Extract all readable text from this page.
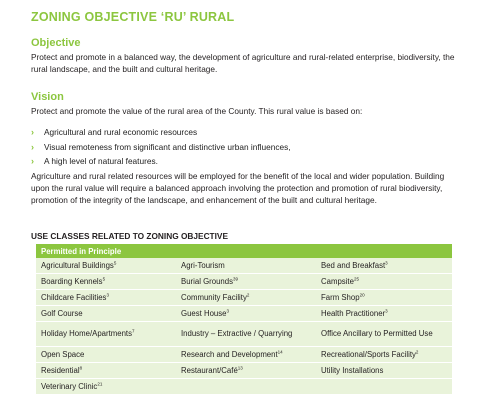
ZONING OBJECTIVE ‘RU’ RURAL
Objective
Protect and promote in a balanced way, the development of agriculture and rural-related enterprise, biodiversity, the rural landscape, and the built and cultural heritage.
Vision
Protect and promote the value of the rural area of the County. This rural value is based on:
› Agricultural and rural economic resources
› Visual remoteness from significant and distinctive urban influences,
› A high level of natural features.
Agriculture and rural related resources will be employed for the benefit of the local and wider population. Building upon the rural value will require a balanced approach involving the protection and promotion of rural biodiversity, promotion of the integrity of the landscape, and enhancement of the built and cultural heritage.
USE CLASSES RELATED TO ZONING OBJECTIVE
Permitted in Principle		
Agricultural Buildings$^5$	Agri-Tourism	Bed and Breakfast$^3$
Boarding Kennels$^5$	Burial Grounds$^{39}$	Campsite$^{25}$
Childcare Facilities$^3$	Community Facility$^2$	Farm Shop$^{20}$
Golf Course	Guest House$^3$	Health Practitioner$^3$
Holiday Home/Apartments$^7$	Industry – Extractive / Quarrying	Office Ancillary to Permitted Use
Open Space	Research and Development$^{14}$	Recreational/Sports Facility$^2$
Residential$^8$	Restaurant/Café$^{13}$	Utility Installations
Veterinary Clinic$^{21}$		
